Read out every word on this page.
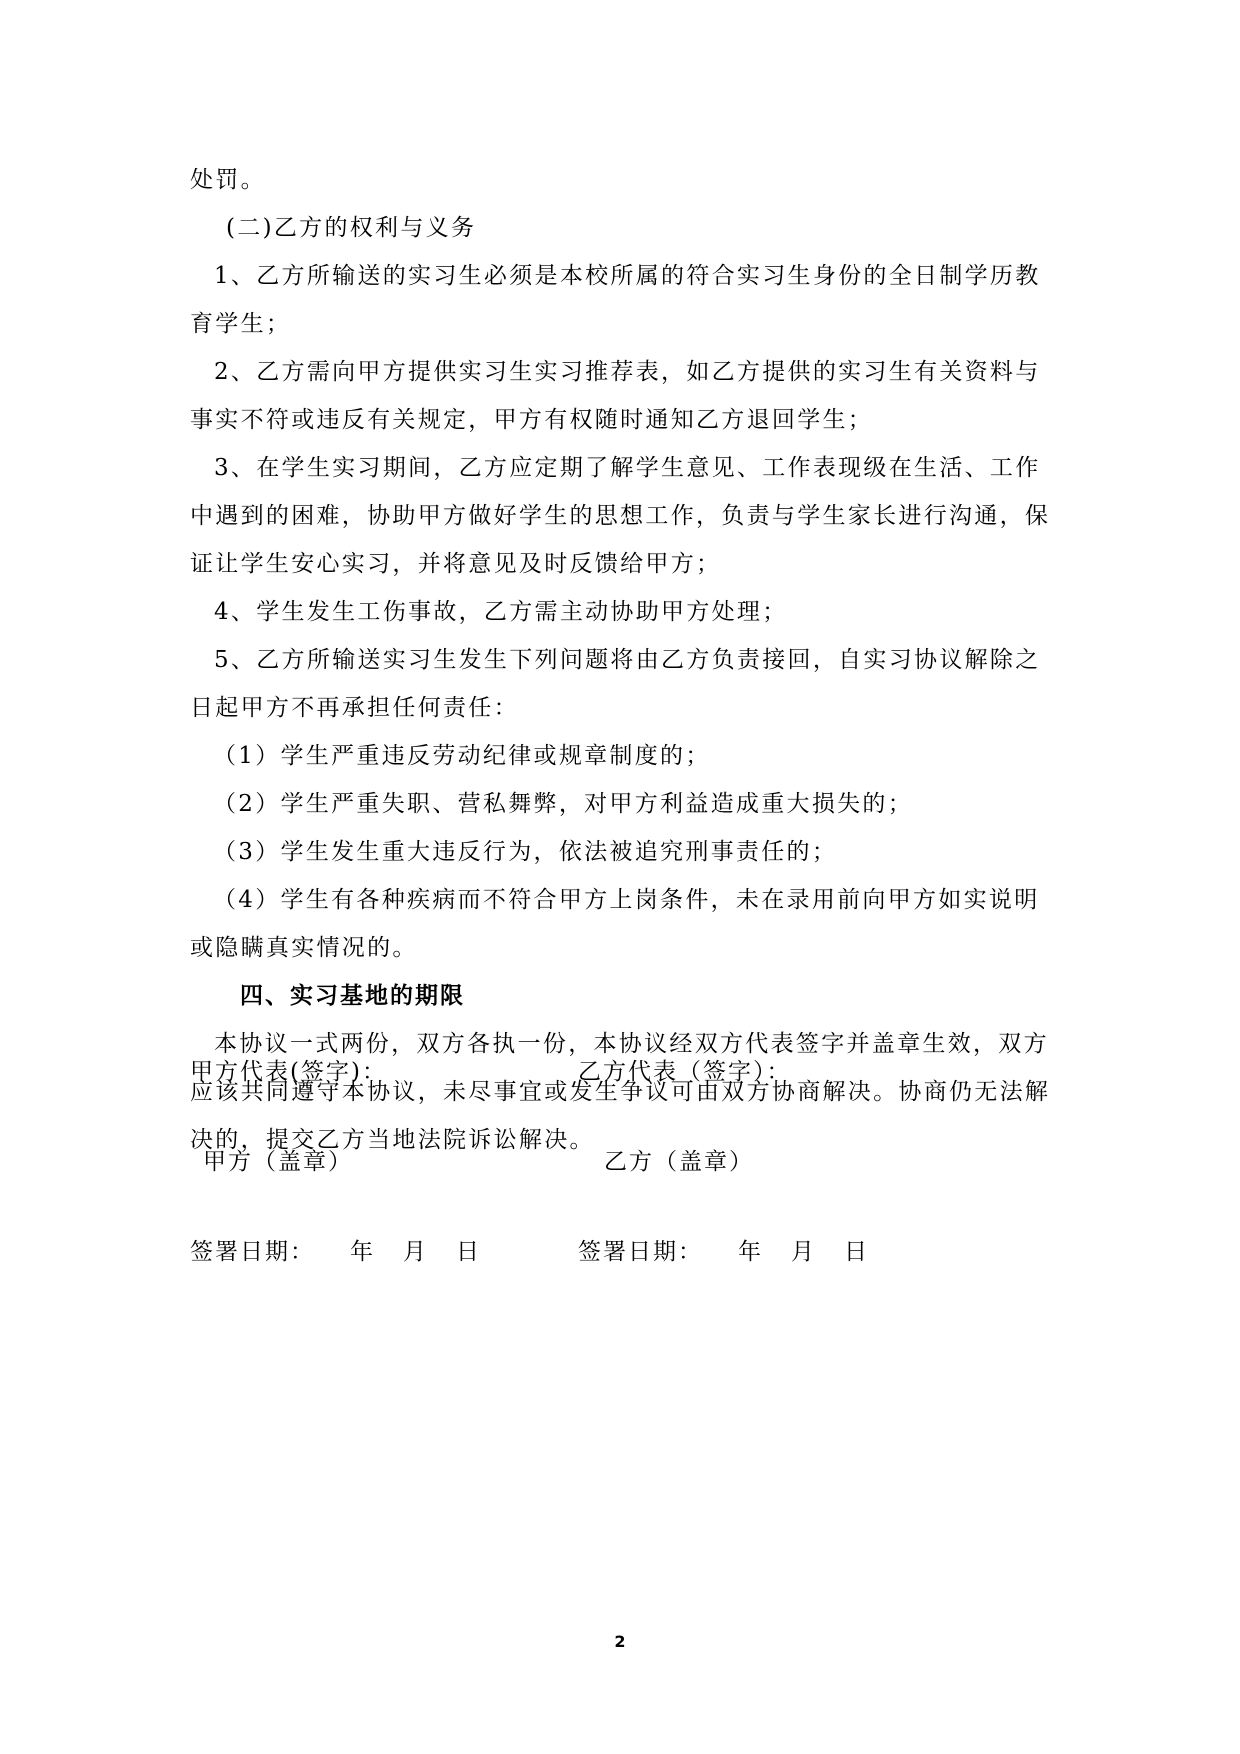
处罚。

(二)乙方的权利与义务

1、乙方所输送的实习生必须是本校所属的符合实习生身份的全日制学历教育学生；

2、乙方需向甲方提供实习生实习推荐表，如乙方提供的实习生有关资料与事实不符或违反有关规定，甲方有权随时通知乙方退回学生；

3、在学生实习期间，乙方应定期了解学生意见、工作表现级在生活、工作中遇到的困难，协助甲方做好学生的思想工作，负责与学生家长进行沟通，保证让学生安心实习，并将意见及时反馈给甲方；

4、学生发生工伤事故，乙方需主动协助甲方处理；

5、乙方所输送实习生发生下列问题将由乙方负责接回，自实习协议解除之日起甲方不再承担任何责任：

（1）学生严重违反劳动纪律或规章制度的；

（2）学生严重失职、营私舞弊，对甲方利益造成重大损失的；

（3）学生发生重大违反行为，依法被追究刑事责任的；

（4）学生有各种疾病而不符合甲方上岗条件，未在录用前向甲方如实说明或隐瞒真实情况的。

四、实习基地的期限

本协议一式两份，双方各执一份，本协议经双方代表签字并盖章生效，双方应该共同遵守本协议，未尽事宜或发生争议可由双方协商解决。协商仍无法解决的，提交乙方当地法院诉讼解决。

甲方代表(签字)：	乙方代表（签字）：
甲方（盖章）	乙方（盖章）
签署日期： 年 月 日	签署日期： 年 月 日
2
